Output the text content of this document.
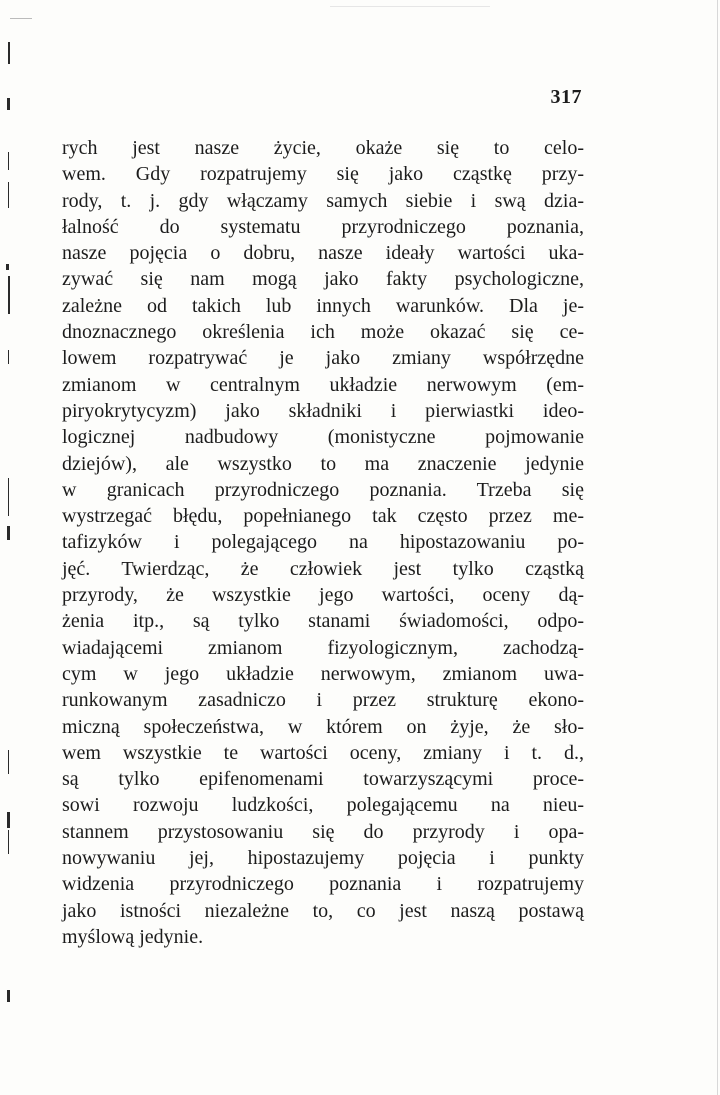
317
rych jest nasze życie, okaże się to celo-
wem. Gdy rozpatrujemy się jako cząstkę przy-
rody, t. j. gdy włączamy samych siebie i swą dzia-
łalność do systematu przyrodniczego poznania,
nasze pojęcia o dobru, nasze ideały wartości uka-
zywać się nam mogą jako fakty psychologiczne,
zależne od takich lub innych warunków. Dla je-
dnoznacznego określenia ich może okazać się ce-
lowem rozpatrywać je jako zmiany współrzędne
zmianom w centralnym układzie nerwowym (em-
piryokrytycyzm) jako składniki i pierwiastki ideo-
logicznej nadbudowy (monistyczne pojmowanie
dziejów), ale wszystko to ma znaczenie jedynie
w granicach przyrodniczego poznania. Trzeba się
wystrzegać błędu, popełnianego tak często przez me-
tafizyków i polegającego na hipostazowaniu po-
jęć. Twierdząc, że człowiek jest tylko cząstką
przyrody, że wszystkie jego wartości, oceny dą-
żenia itp., są tylko stanami świadomości, odpo-
wiadającemi zmianom fizyologicznym, zachodzą-
cym w jego układzie nerwowym, zmianom uwa-
runkowanym zasadniczo i przez strukturę ekono-
miczną społeczeństwa, w którem on żyje, że sło-
wem wszystkie te wartości oceny, zmiany i t. d.,
są tylko epifenomenami towarzyszącymi proce-
sowi rozwoju ludzkości, polegającemu na nieu-
stannem przystosowaniu się do przyrody i opa-
nowywaniu jej, hipostazujemy pojęcia i punkty
widzenia przyrodniczego poznania i rozpatrujemy
jako istności niezależne to, co jest naszą postawą
myślową jedynie.
